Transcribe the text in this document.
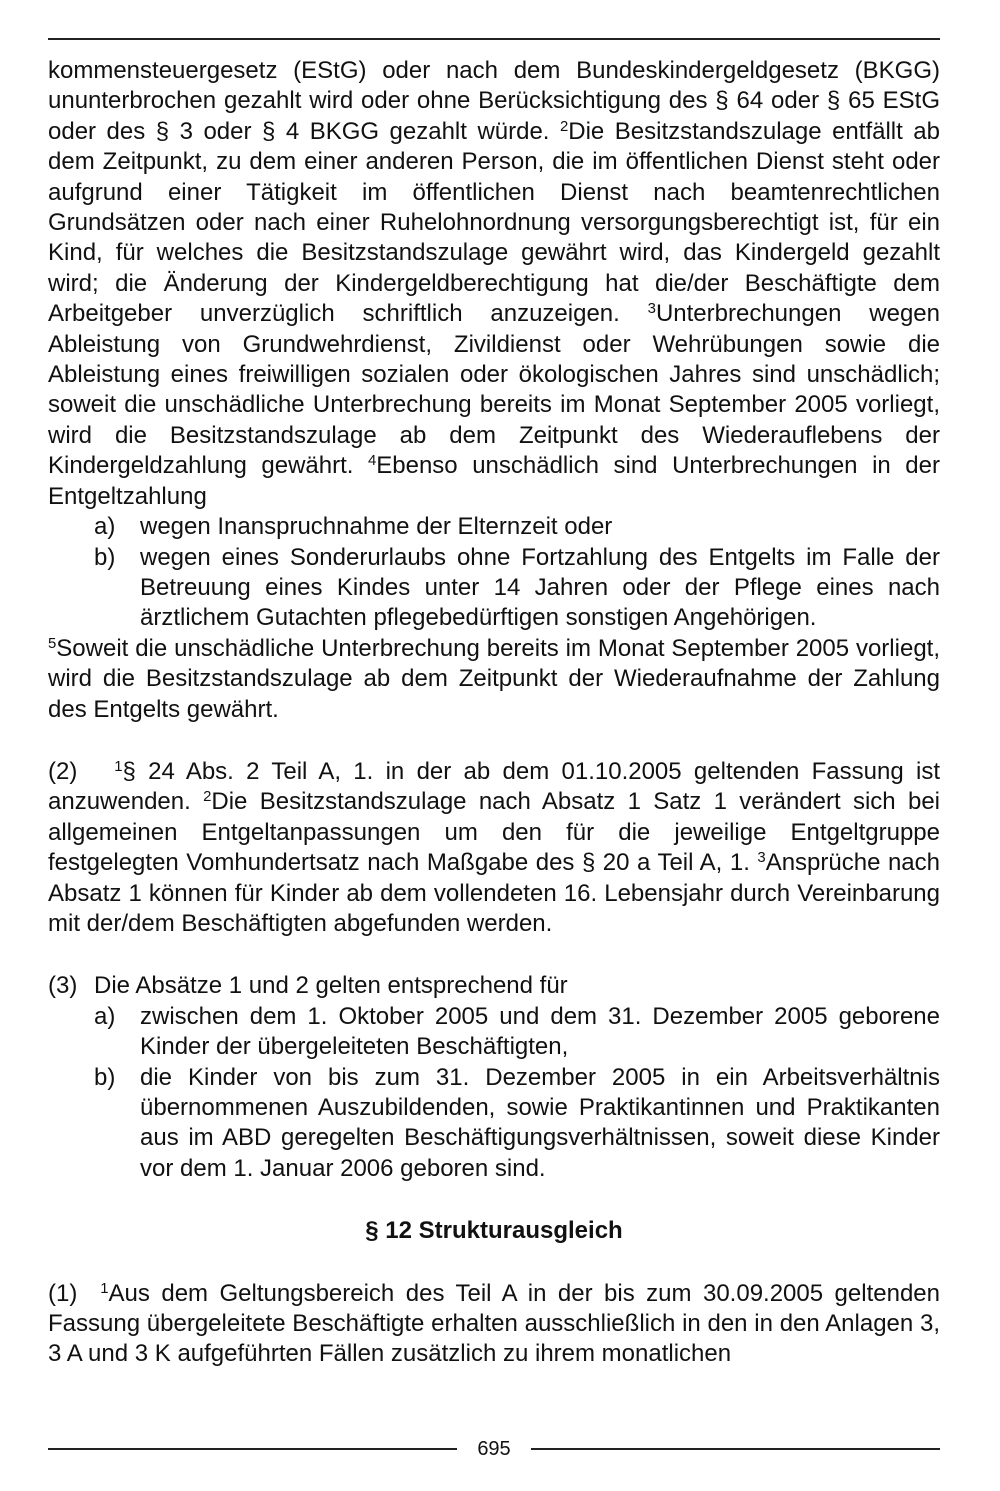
kommensteuergesetz (EStG) oder nach dem Bundeskindergeldgesetz (BKGG) ununterbrochen gezahlt wird oder ohne Berücksichtigung des § 64 oder § 65 EStG oder des § 3 oder § 4 BKGG gezahlt würde. $^2$Die Besitzstandszulage entfällt ab dem Zeitpunkt, zu dem einer anderen Person, die im öffentlichen Dienst steht oder aufgrund einer Tätigkeit im öffentlichen Dienst nach beamtenrechtlichen Grundsätzen oder nach einer Ruhelohnordnung versorgungsberechtigt ist, für ein Kind, für welches die Besitzstandszulage gewährt wird, das Kindergeld gezahlt wird; die Änderung der Kindergeldberechtigung hat die/der Beschäftigte dem Arbeitgeber unverzüglich schriftlich anzuzeigen. $^3$Unterbrechungen wegen Ableistung von Grundwehrdienst, Zivildienst oder Wehrübungen sowie die Ableistung eines freiwilligen sozialen oder ökologischen Jahres sind unschädlich; soweit die unschädliche Unterbrechung bereits im Monat September 2005 vorliegt, wird die Besitzstandszulage ab dem Zeitpunkt des Wiederauflebens der Kindergeldzahlung gewährt. $^4$Ebenso unschädlich sind Unterbrechungen in der Entgeltzahlung

a)	wegen Inanspruchnahme der Elternzeit oder
b)	wegen eines Sonderurlaubs ohne Fortzahlung des Entgelts im Falle der Betreuung eines Kindes unter 14 Jahren oder der Pflege eines nach ärztlichem Gutachten pflegebedürftigen sonstigen Angehörigen.

$^5$Soweit die unschädliche Unterbrechung bereits im Monat September 2005 vorliegt, wird die Besitzstandszulage ab dem Zeitpunkt der Wiederaufnahme der Zahlung des Entgelts gewährt.

(2) $^1$§ 24 Abs. 2 Teil A, 1. in der ab dem 01.10.2005 geltenden Fassung ist anzuwenden. $^2$Die Besitzstandszulage nach Absatz 1 Satz 1 verändert sich bei allgemeinen Entgeltanpassungen um den für die jeweilige Entgeltgruppe festgelegten Vomhundertsatz nach Maßgabe des § 20 a Teil A, 1. $^3$Ansprüche nach Absatz 1 können für Kinder ab dem vollendeten 16. Lebensjahr durch Vereinbarung mit der/dem Beschäftigten abgefunden werden.

(3) Die Absätze 1 und 2 gelten entsprechend für
a)	zwischen dem 1. Oktober 2005 und dem 31. Dezember 2005 geborene Kinder der übergeleiteten Beschäftigten,
b)	die Kinder von bis zum 31. Dezember 2005 in ein Arbeitsverhältnis übernommenen Auszubildenden, sowie Praktikantinnen und Praktikanten aus im ABD geregelten Beschäftigungsverhältnissen, soweit diese Kinder vor dem 1. Januar 2006 geboren sind.
§ 12 Strukturausgleich

(1) $^1$Aus dem Geltungsbereich des Teil A in der bis zum 30.09.2005 geltenden Fassung übergeleitete Beschäftigte erhalten ausschließlich in den in den Anlagen 3, 3 A und 3 K aufgeführten Fällen zusätzlich zu ihrem monatlichen

695
